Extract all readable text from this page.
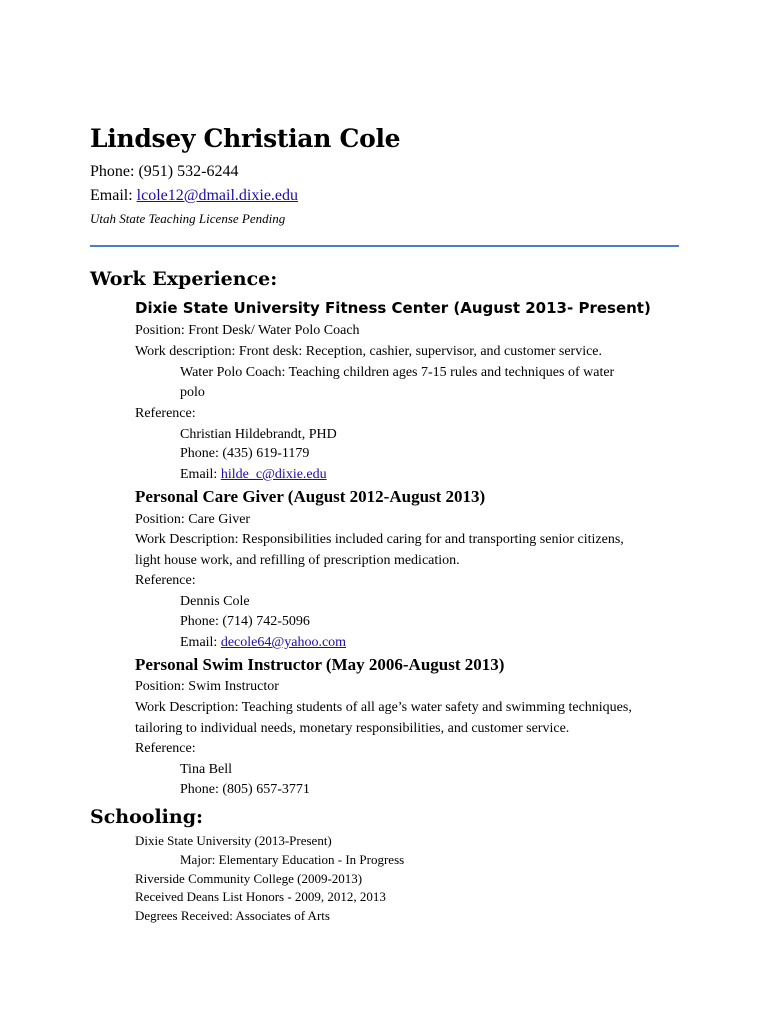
Lindsey Christian Cole
Phone: (951) 532-6244
Email: lcole12@dmail.dixie.edu
Utah State Teaching License Pending
Work Experience:
Dixie State University Fitness Center (August 2013- Present)
Position: Front Desk/ Water Polo Coach
Work description: Front desk: Reception, cashier, supervisor, and customer service.
Water Polo Coach: Teaching children ages 7-15 rules and techniques of water
polo
Reference:
Christian Hildebrandt, PHD
Phone: (435) 619-1179
Email: hilde_c@dixie.edu
Personal Care Giver (August 2012-August 2013)
Position: Care Giver
Work Description: Responsibilities included caring for and transporting senior citizens,
light house work, and refilling of prescription medication.
Reference:
Dennis Cole
Phone: (714) 742-5096
Email: decole64@yahoo.com
Personal Swim Instructor (May 2006-August 2013)
Position: Swim Instructor
Work Description: Teaching students of all age’s water safety and swimming techniques,
tailoring to individual needs, monetary responsibilities, and customer service.
Reference:
Tina Bell
Phone: (805) 657-3771
Schooling:
Dixie State University (2013-Present)
Major: Elementary Education - In Progress
Riverside Community College (2009-2013)
Received Deans List Honors - 2009, 2012, 2013
Degrees Received: Associates of Arts
